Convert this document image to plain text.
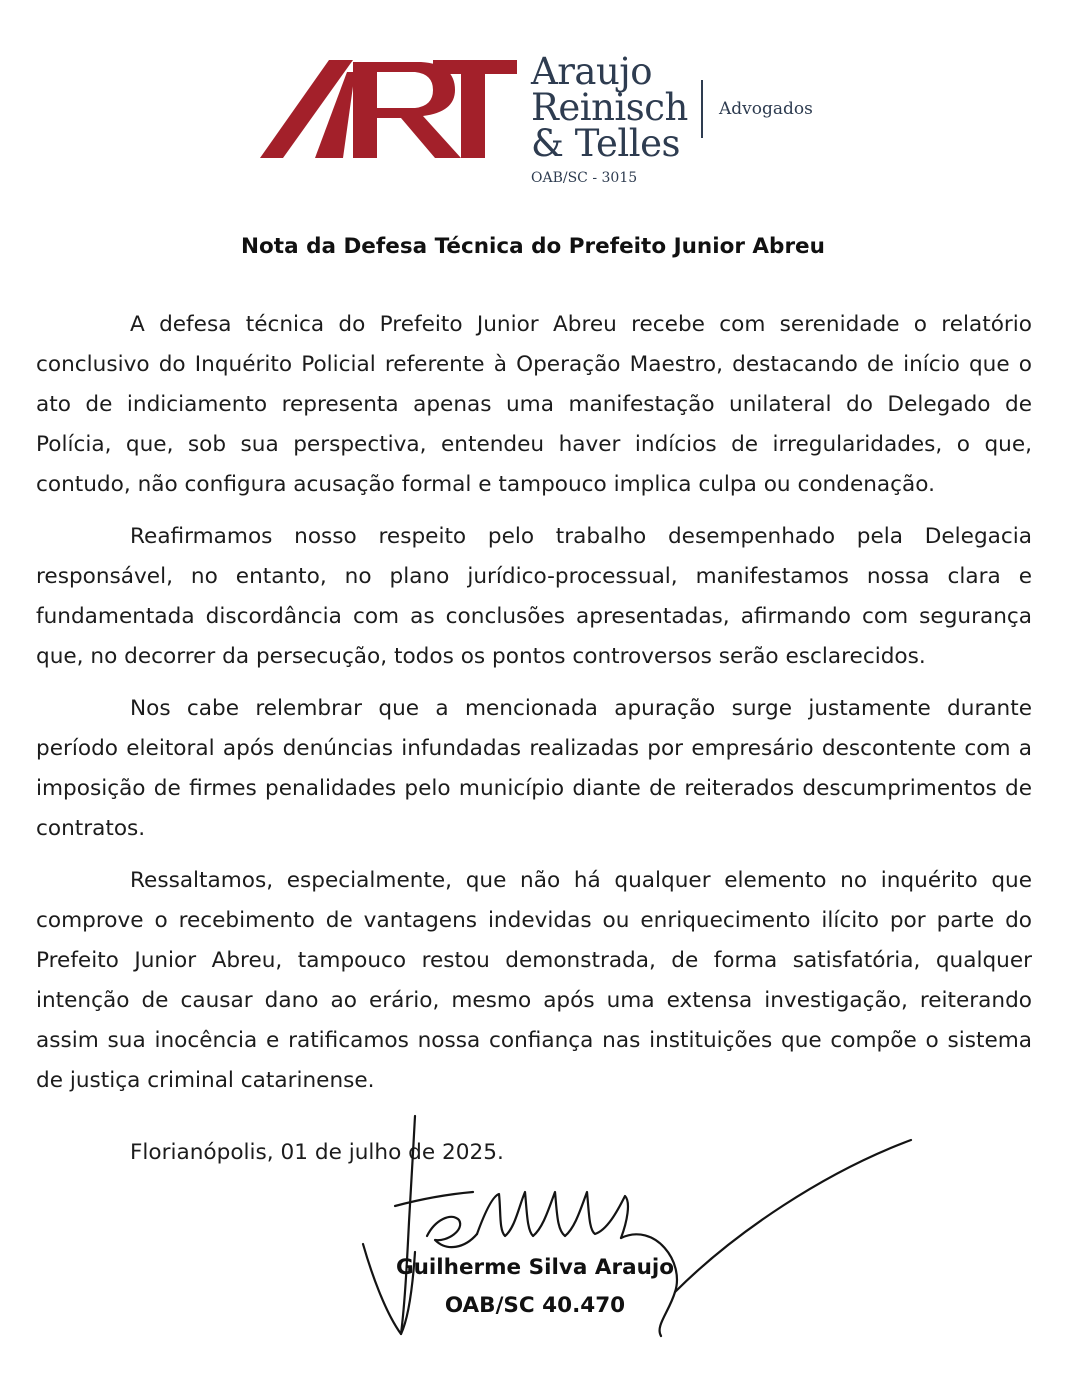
Araujo
Reinisch
& Telles
Advogados
OAB/SC - 3015
Nota da Defesa Técnica do Prefeito Junior Abreu

A defesa técnica do Prefeito Junior Abreu recebe com serenidade o relatório conclusivo do Inquérito Policial referente à Operação Maestro, destacando de início que o ato de indiciamento representa apenas uma manifestação unilateral do Delegado de Polícia, que, sob sua perspectiva, entendeu haver indícios de irregularidades, o que, contudo, não configura acusação formal e tampouco implica culpa ou condenação.

Reafirmamos nosso respeito pelo trabalho desempenhado pela Delegacia responsável, no entanto, no plano jurídico-processual, manifestamos nossa clara e fundamentada discordância com as conclusões apresentadas, afirmando com segurança que, no decorrer da persecução, todos os pontos controversos serão esclarecidos.

Nos cabe relembrar que a mencionada apuração surge justamente durante período eleitoral após denúncias infundadas realizadas por empresário descontente com a imposição de firmes penalidades pelo município diante de reiterados descumprimentos de contratos.

Ressaltamos, especialmente, que não há qualquer elemento no inquérito que comprove o recebimento de vantagens indevidas ou enriquecimento ilícito por parte do Prefeito Junior Abreu, tampouco restou demonstrada, de forma satisfatória, qualquer intenção de causar dano ao erário, mesmo após uma extensa investigação, reiterando assim sua inocência e ratificamos nossa confiança nas instituições que compõe o sistema de justiça criminal catarinense.

Florianópolis, 01 de julho de 2025.
Guilherme Silva Araujo
OAB/SC 40.470
